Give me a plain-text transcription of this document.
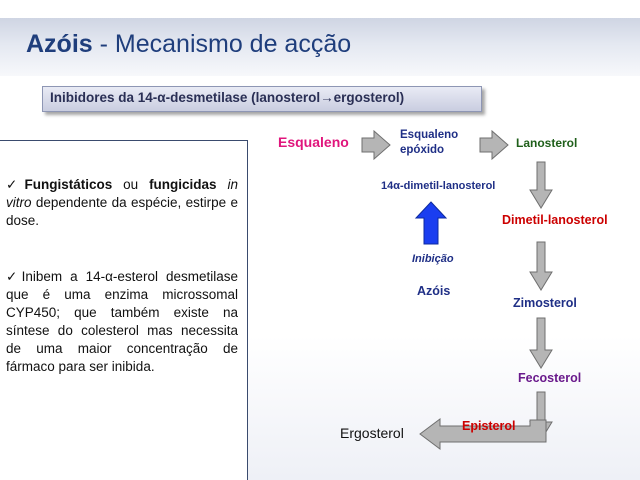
Azóis - Mecanismo de acção
Inibidores da 14-α-desmetilase (lanosterol→ergosterol)
✓Fungistáticos ou fungicidas in vitro dependente da espécie, estirpe e dose.
✓Inibem a 14-α-esterol desmetilase que é uma enzima microssomal CYP450; que também existe na síntese do colesterol mas necessita de uma maior concentração de fármaco para ser inibida.
Esqualeno	Esqualeno
epóxido	Lanosterol
14α-dimetil-lanosterol
Dimetil-lanosterol
Inibição
Azóis
Zimosterol
Fecosterol
Episterol
Ergosterol
